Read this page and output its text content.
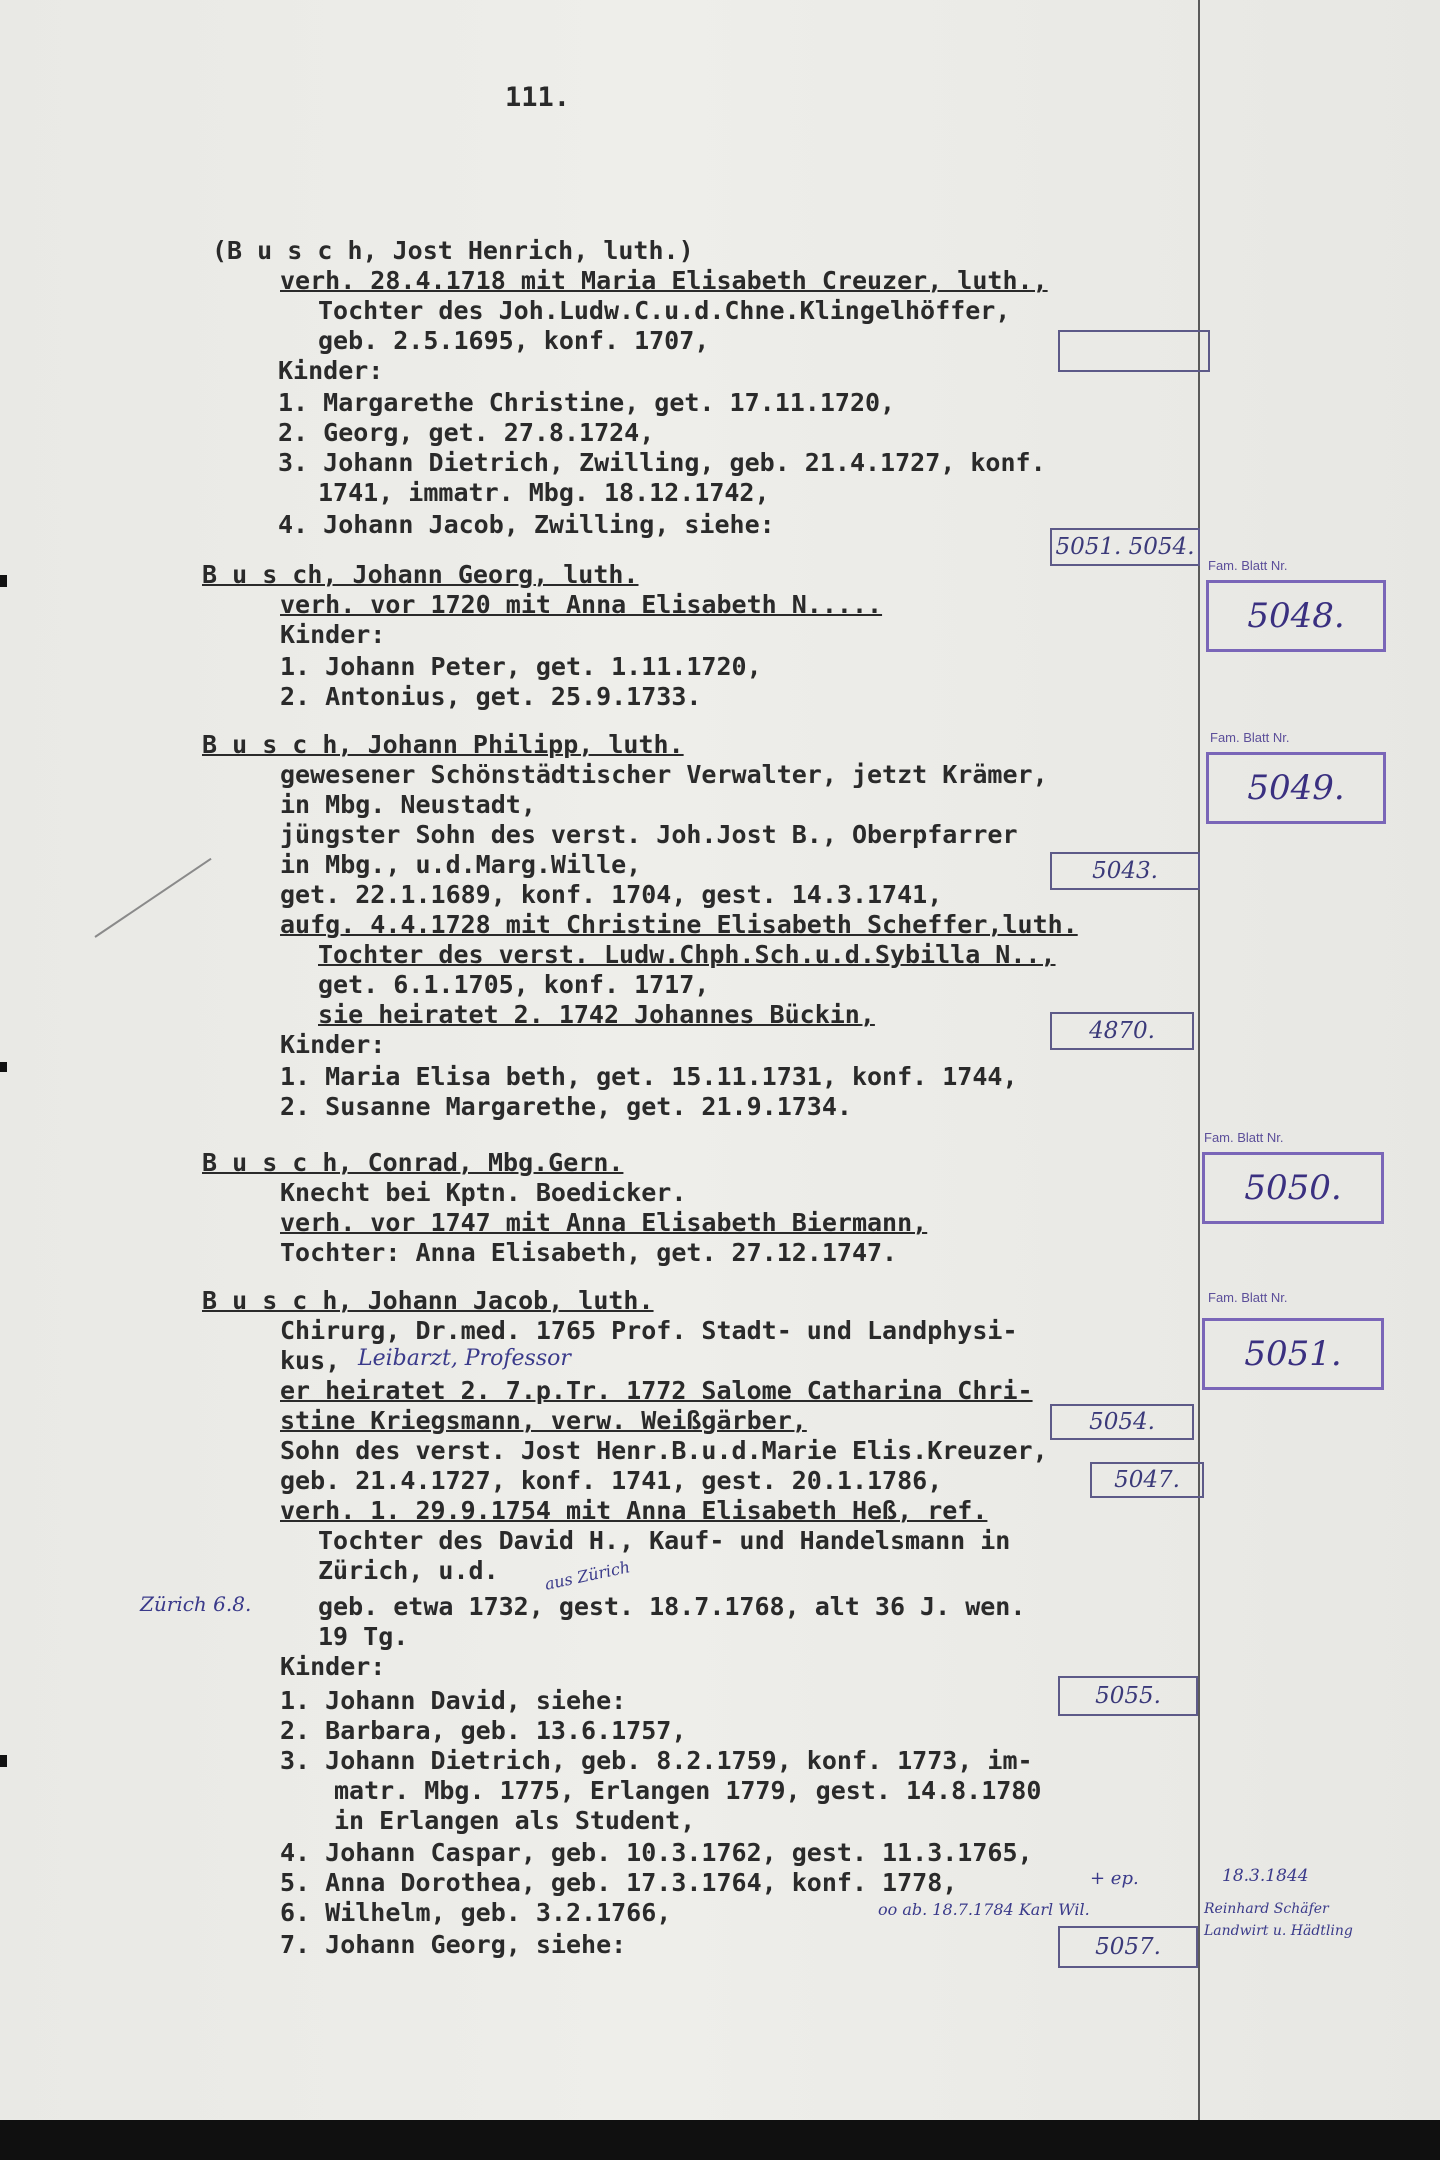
111.
(B u s c h, Jost Henrich, luth.)
verh. 28.4.1718 mit Maria Elisabeth Creuzer, luth.,
Tochter des Joh.Ludw.C.u.d.Chne.Klingelhöffer,
geb. 2.5.1695, konf. 1707,
Kinder:
1. Margarethe Christine, get. 17.11.1720,
2. Georg, get. 27.8.1724,
3. Johann Dietrich, Zwilling, geb. 21.4.1727, konf.
1741, immatr. Mbg. 18.12.1742,
4. Johann Jacob, Zwilling, siehe:
B u s ch, Johann Georg, luth.
verh. vor 1720 mit Anna Elisabeth N.....
Kinder:
1. Johann Peter, get. 1.11.1720,
2. Antonius, get. 25.9.1733.
B u s c h, Johann Philipp, luth.
gewesener Schönstädtischer Verwalter, jetzt Krämer,
in Mbg. Neustadt,
jüngster Sohn des verst. Joh.Jost B., Oberpfarrer
in Mbg., u.d.Marg.Wille,
get. 22.1.1689, konf. 1704, gest. 14.3.1741,
aufg. 4.4.1728 mit Christine Elisabeth Scheffer,luth.
Tochter des verst. Ludw.Chph.Sch.u.d.Sybilla N..,
get. 6.1.1705, konf. 1717,
sie heiratet 2. 1742 Johannes Bückin,
Kinder:
1. Maria Elisa beth, get. 15.11.1731, konf. 1744,
2. Susanne Margarethe, get. 21.9.1734.
B u s c h, Conrad, Mbg.Gern.
Knecht bei Kptn. Boedicker.
verh. vor 1747 mit Anna Elisabeth Biermann,
Tochter: Anna Elisabeth, get. 27.12.1747.
B u s c h, Johann Jacob, luth.
Chirurg, Dr.med. 1765 Prof. Stadt- und Landphysi-
kus,
er heiratet 2. 7.p.Tr. 1772 Salome Catharina Chri-
stine Kriegsmann, verw. Weißgärber,
Sohn des verst. Jost Henr.B.u.d.Marie Elis.Kreuzer,
geb. 21.4.1727, konf. 1741, gest. 20.1.1786,
verh. 1. 29.9.1754 mit Anna Elisabeth Heß, ref.
Tochter des David H., Kauf- und Handelsmann in
Zürich, u.d.
geb. etwa 1732, gest. 18.7.1768, alt 36 J. wen.
19 Tg.
Kinder:
1. Johann David, siehe:
2. Barbara, geb. 13.6.1757,
3. Johann Dietrich, geb. 8.2.1759, konf. 1773, im-
matr. Mbg. 1775, Erlangen 1779, gest. 14.8.1780
in Erlangen als Student,
4. Johann Caspar, geb. 10.3.1762, gest. 11.3.1765,
5. Anna Dorothea, geb. 17.3.1764, konf. 1778,
6. Wilhelm, geb. 3.2.1766,
7. Johann Georg, siehe:
5051. 5054.
5043.
4870.
5054.
5047.
5055.
5057.
Fam. Blatt Nr.
5048.
Fam. Blatt Nr.
5049.
Fam. Blatt Nr.
5050.
Fam. Blatt Nr.
5051.
Leibarzt, Professor
aus Zürich
Zürich 6.8.
+ ep.
oo ab. 18.7.1784 Karl Wil.
18.3.1844
Reinhard Schäfer Landwirt u. Hädtling
